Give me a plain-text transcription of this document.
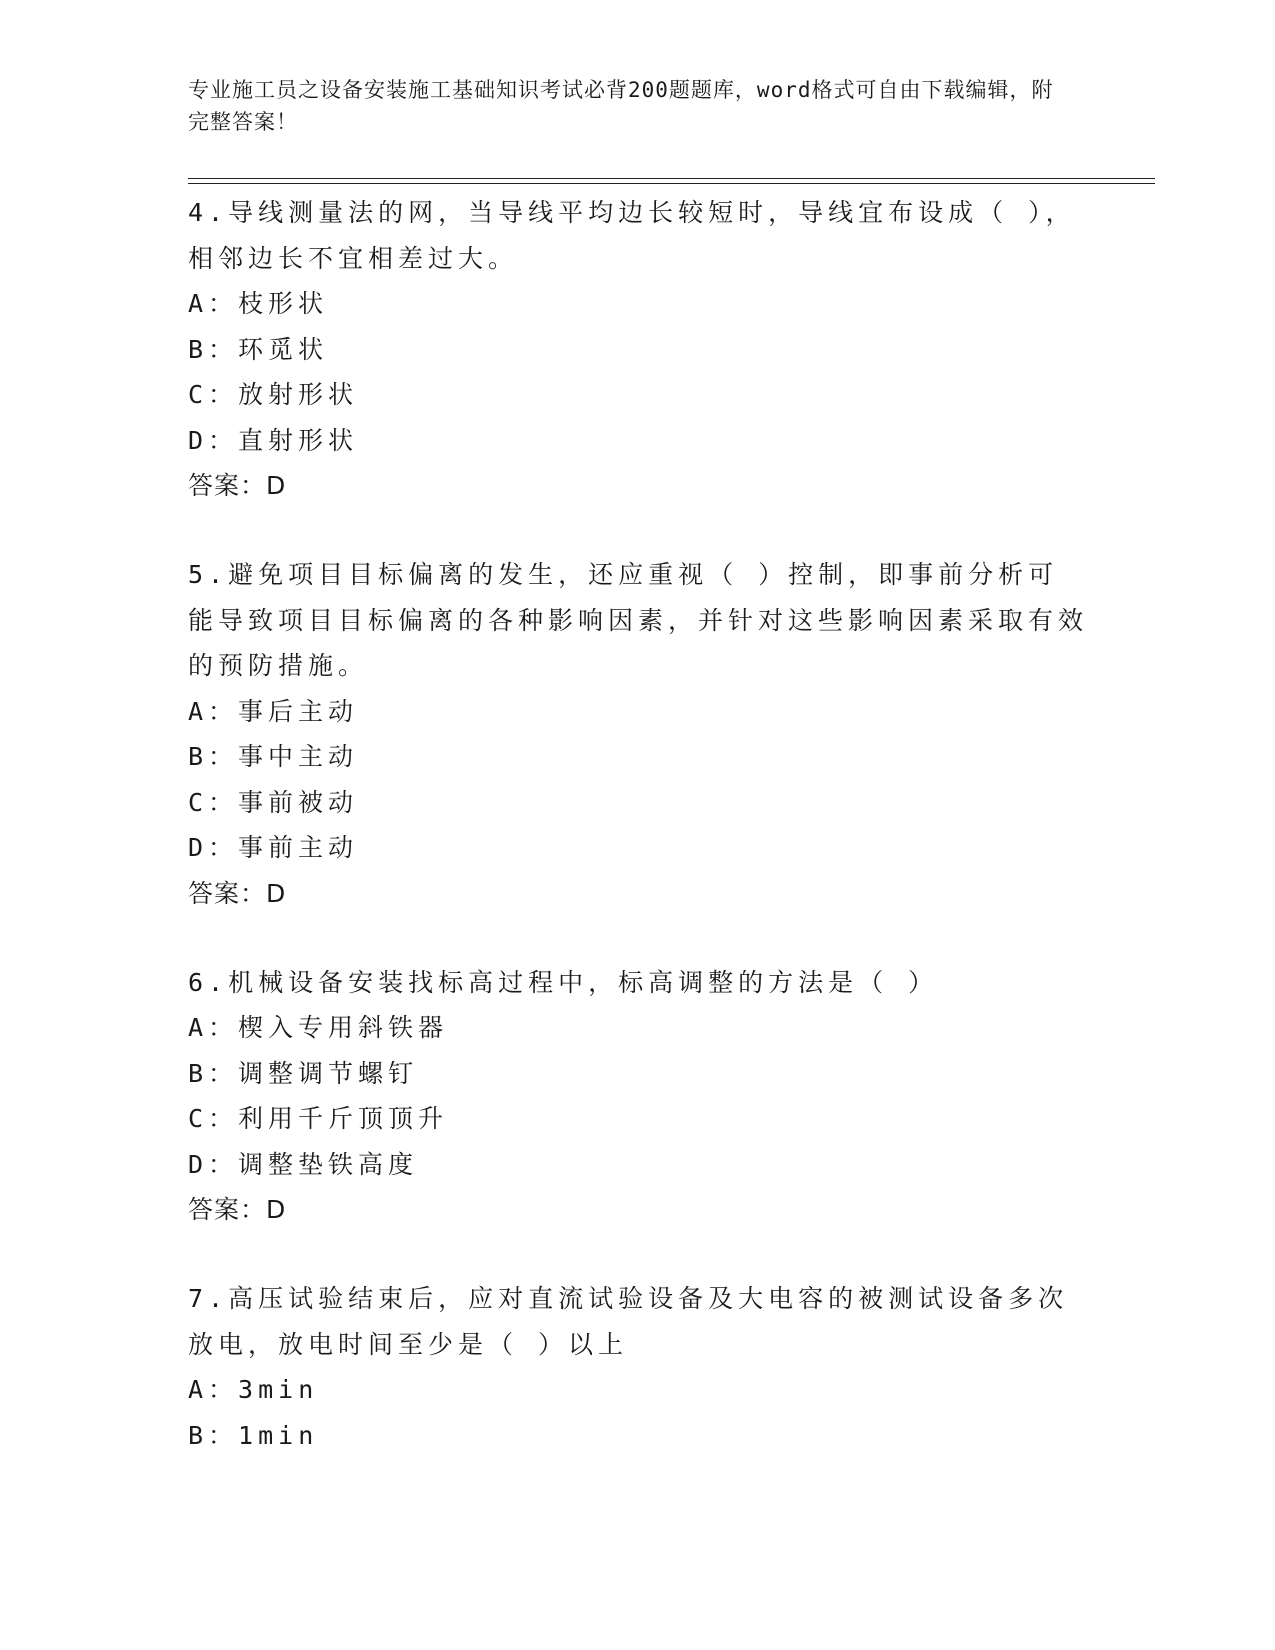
专业施工员之设备安装施工基础知识考试必背200题题库，word格式可自由下载编辑，附完整答案！

4.导线测量法的网，当导线平均边长较短时，导线宜布设成（ ），相邻边长不宜相差过大。

A：枝形状

B：环觅状

C：放射形状

D：直射形状

答案：D

5.避免项目目标偏离的发生，还应重视（ ）控制，即事前分析可能导致项目目标偏离的各种影响因素，并针对这些影响因素采取有效的预防措施。

A：事后主动

B：事中主动

C：事前被动

D：事前主动

答案：D

6.机械设备安装找标高过程中，标高调整的方法是（ ）

A：楔入专用斜铁器

B：调整调节螺钉

C：利用千斤顶顶升

D：调整垫铁高度

答案：D

7.高压试验结束后，应对直流试验设备及大电容的被测试设备多次放电，放电时间至少是（ ）以上

A：3min

B：1min
